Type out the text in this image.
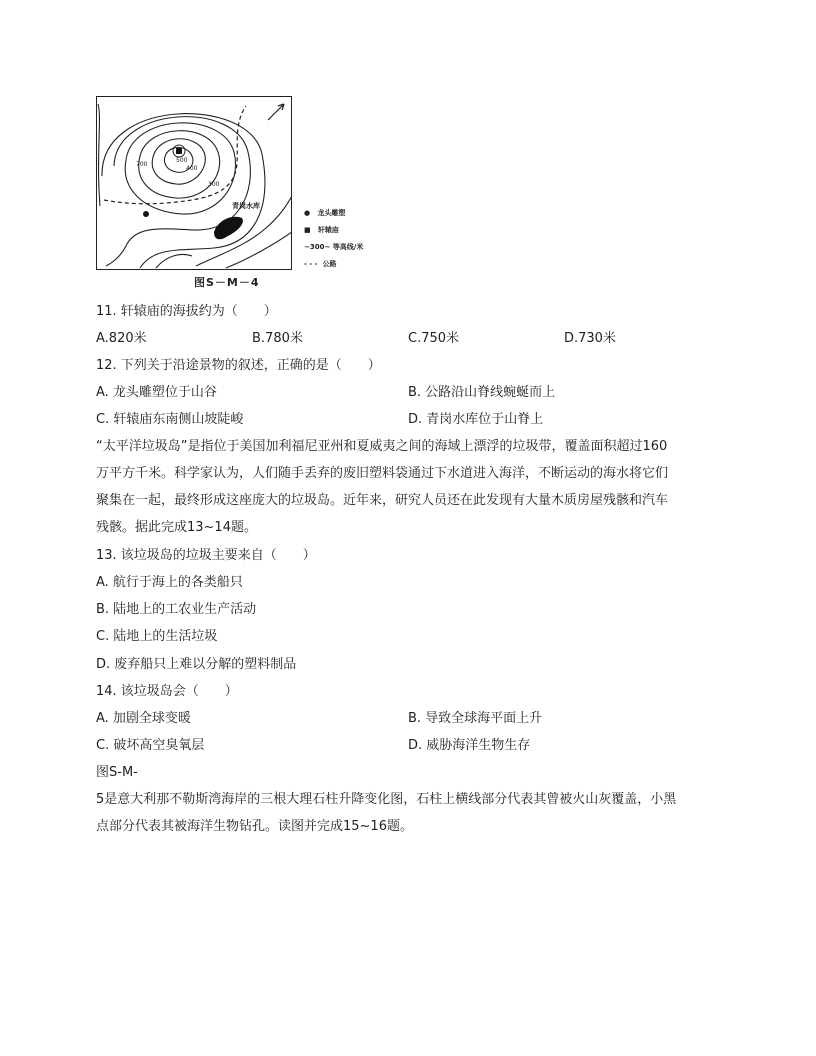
700
500
400
300
青岗水库
● 龙头雕塑
■ 轩辕庙
~300~ 等高线/米
- - - 公路
图S－M－4
11. 轩辕庙的海拔约为（　　）
A.820米	B.780米	C.750米	D.730米
12. 下列关于沿途景物的叙述，正确的是（　　）
A. 龙头雕塑位于山谷	B. 公路沿山脊线蜿蜒而上
C. 轩辕庙东南侧山坡陡峻	D. 青岗水库位于山脊上
“太平洋垃圾岛”是指位于美国加利福尼亚州和夏威夷之间的海域上漂浮的垃圾带，覆盖面积超过160
万平方千米。科学家认为，人们随手丢弃的废旧塑料袋通过下水道进入海洋，不断运动的海水将它们
聚集在一起，最终形成这座庞大的垃圾岛。近年来，研究人员还在此发现有大量木质房屋残骸和汽车
残骸。据此完成13~14题。
13. 该垃圾岛的垃圾主要来自（　　）
A. 航行于海上的各类船只
B. 陆地上的工农业生产活动
C. 陆地上的生活垃圾
D. 废弃船只上难以分解的塑料制品
14. 该垃圾岛会（　　）
A. 加剧全球变暖	B. 导致全球海平面上升
C. 破坏高空臭氧层	D. 威胁海洋生物生存
图S-M-
5是意大利那不勒斯湾海岸的三根大理石柱升降变化图，石柱上横线部分代表其曾被火山灰覆盖，小黑
点部分代表其被海洋生物钻孔。读图并完成15~16题。
